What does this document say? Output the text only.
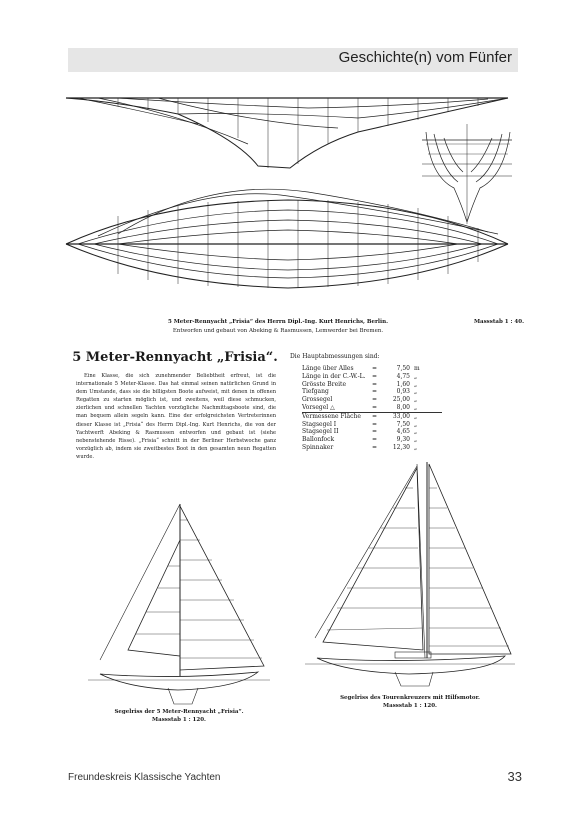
Geschichte(n) vom Fünfer
5 Meter-Rennyacht „Frisia“ des Herrn Dipl.-Ing. Kurt Henrichs, Berlin.
Entworfen und gebaut von Abeking & Rasmussen, Lemwerder bei Bremen.
Massstab 1 : 40.
5 Meter-Rennyacht „Frisia“.
Eine Klasse, die sich zunehmender Beliebtheit erfreut, ist die internationale 5 Meter-Klasse. Das hat einmal seinen natürlichen Grund in dem Umstande, dass sie die billigsten Boote aufweist, mit denen in offenen Regatten zu starten möglich ist, und zweitens, weil diese schmucken, zierlichen und schnellen Yachten vorzügliche Nachmittagsboote sind, die man bequem allein segeln kann. Eine der erfolgreichsten Vertreterinnen dieser Klasse ist „Frisia“ des Herrn Dipl.-Ing. Kurt Henrichs, die von der Yachtwerft Abeking & Rasmussen entworfen und gebaut ist (siehe nebenstehende Risse). „Frisia“ schnitt in der Berliner Herbstwoche ganz vorzüglich ab, indem sie zweitbestes Boot in den gesamten neun Regatten wurde.
Die Hauptabmessungen sind:
Länge über Alles	=	7,50 m
Länge in der C.-W.-L.	=	4,75 „
Grösste Breite	=	1,60 „
Tiefgang	=	0,93 „
Grossegel	=	25,00 „
Vorsegel △	=	8,00 „
Vermessene Fläche	=	33,00 „
Stagsegel I	=	7,50 „
Stagsegel II	=	4,65 „
Ballonfock	=	9,30 „
Spinnaker	=	12,30 „
Segelriss der 5 Meter-Rennyacht „Frisia“.
Massstab 1 : 120.
Segelriss des Tourenkreuzers mit Hilfsmotor.
Massstab 1 : 120.
Freundeskreis Klassische Yachten	33
